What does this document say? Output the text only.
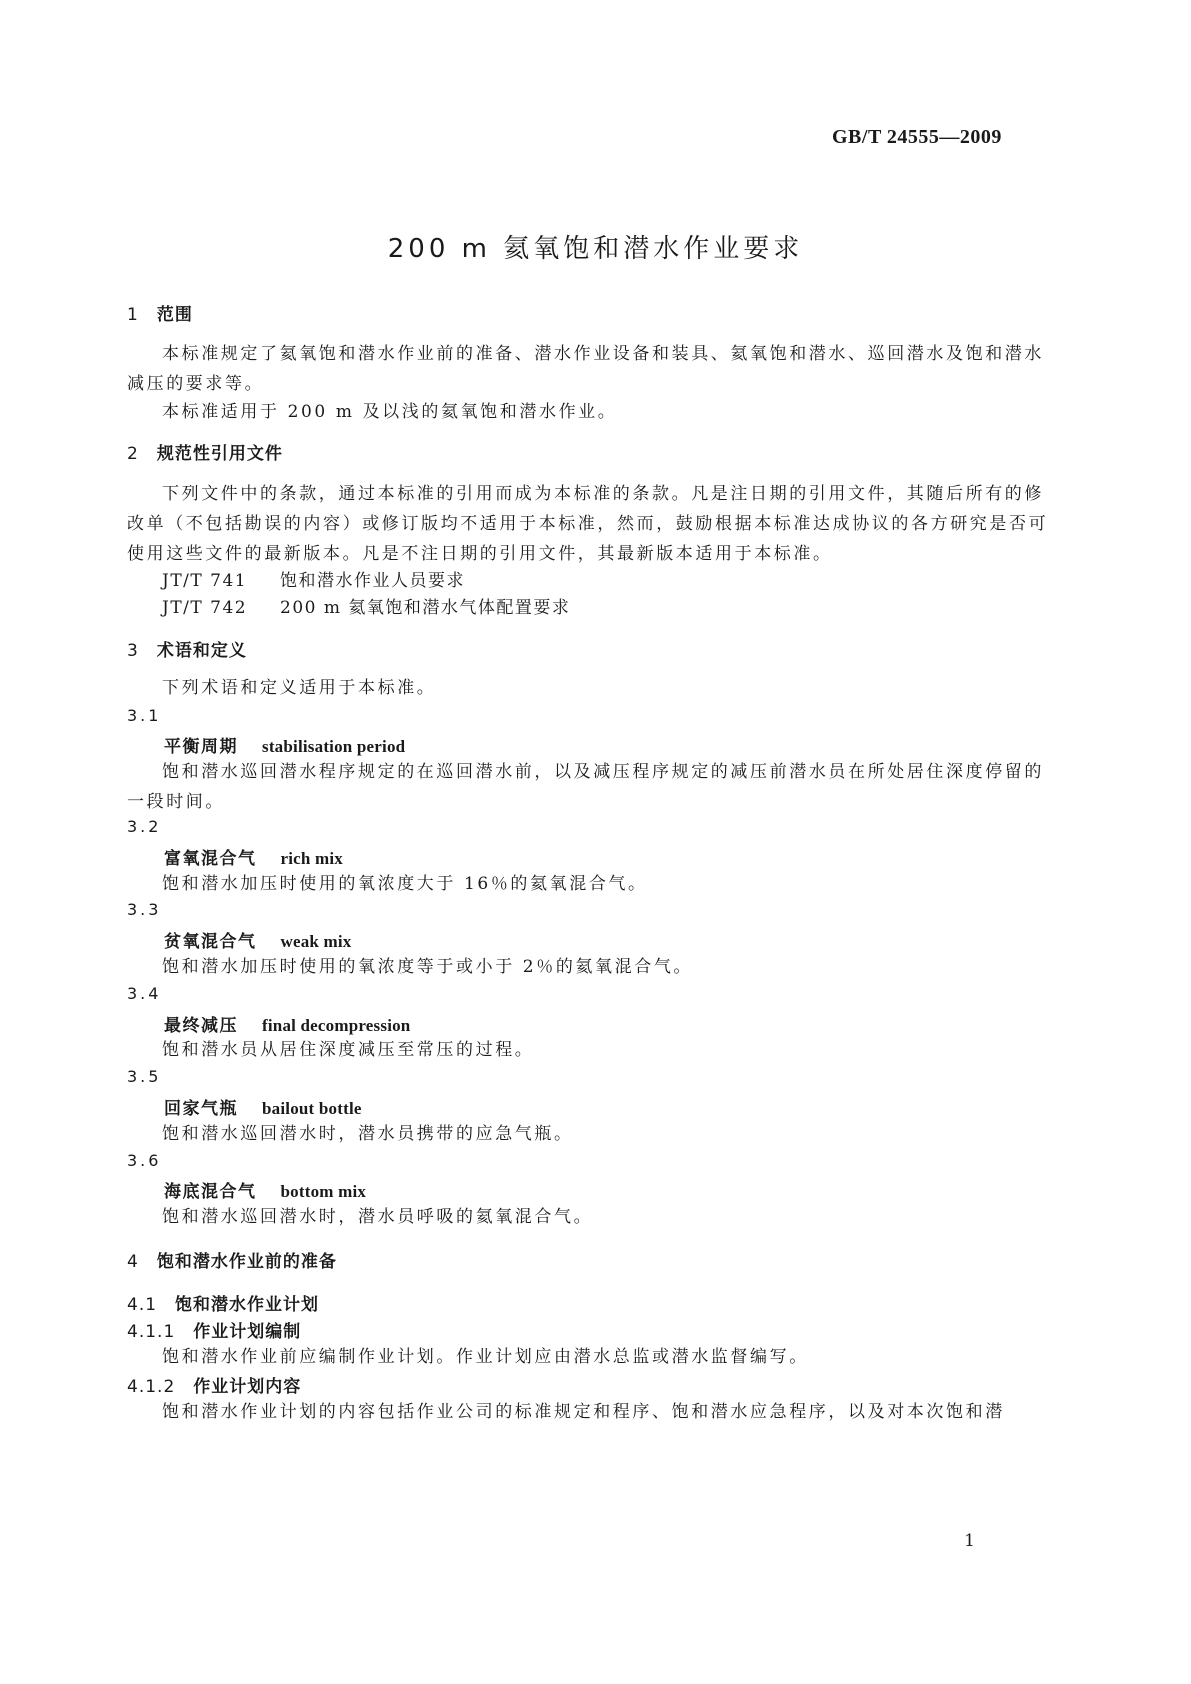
GB/T 24555—2009
200 m 氦氧饱和潜水作业要求
1 范围
本标准规定了氦氧饱和潜水作业前的准备、潜水作业设备和装具、氦氧饱和潜水、巡回潜水及饱和潜水减压的要求等。
本标准适用于 200 m 及以浅的氦氧饱和潜水作业。
2 规范性引用文件
下列文件中的条款，通过本标准的引用而成为本标准的条款。凡是注日期的引用文件，其随后所有的修改单（不包括勘误的内容）或修订版均不适用于本标准，然而，鼓励根据本标准达成协议的各方研究是否可使用这些文件的最新版本。凡是不注日期的引用文件，其最新版本适用于本标准。
JT/T 741 饱和潜水作业人员要求
JT/T 742 200 m 氦氧饱和潜水气体配置要求
3 术语和定义
下列术语和定义适用于本标准。
3.1
平衡周期 stabilisation period
饱和潜水巡回潜水程序规定的在巡回潜水前，以及减压程序规定的减压前潜水员在所处居住深度停留的一段时间。
3.2
富氧混合气 rich mix
饱和潜水加压时使用的氧浓度大于 16％的氦氧混合气。
3.3
贫氧混合气 weak mix
饱和潜水加压时使用的氧浓度等于或小于 2％的氦氧混合气。
3.4
最终减压 final decompression
饱和潜水员从居住深度减压至常压的过程。
3.5
回家气瓶 bailout bottle
饱和潜水巡回潜水时，潜水员携带的应急气瓶。
3.6
海底混合气 bottom mix
饱和潜水巡回潜水时，潜水员呼吸的氦氧混合气。
4 饱和潜水作业前的准备
4.1 饱和潜水作业计划
4.1.1 作业计划编制
饱和潜水作业前应编制作业计划。作业计划应由潜水总监或潜水监督编写。
4.1.2 作业计划内容
饱和潜水作业计划的内容包括作业公司的标准规定和程序、饱和潜水应急程序，以及对本次饱和潜
1
